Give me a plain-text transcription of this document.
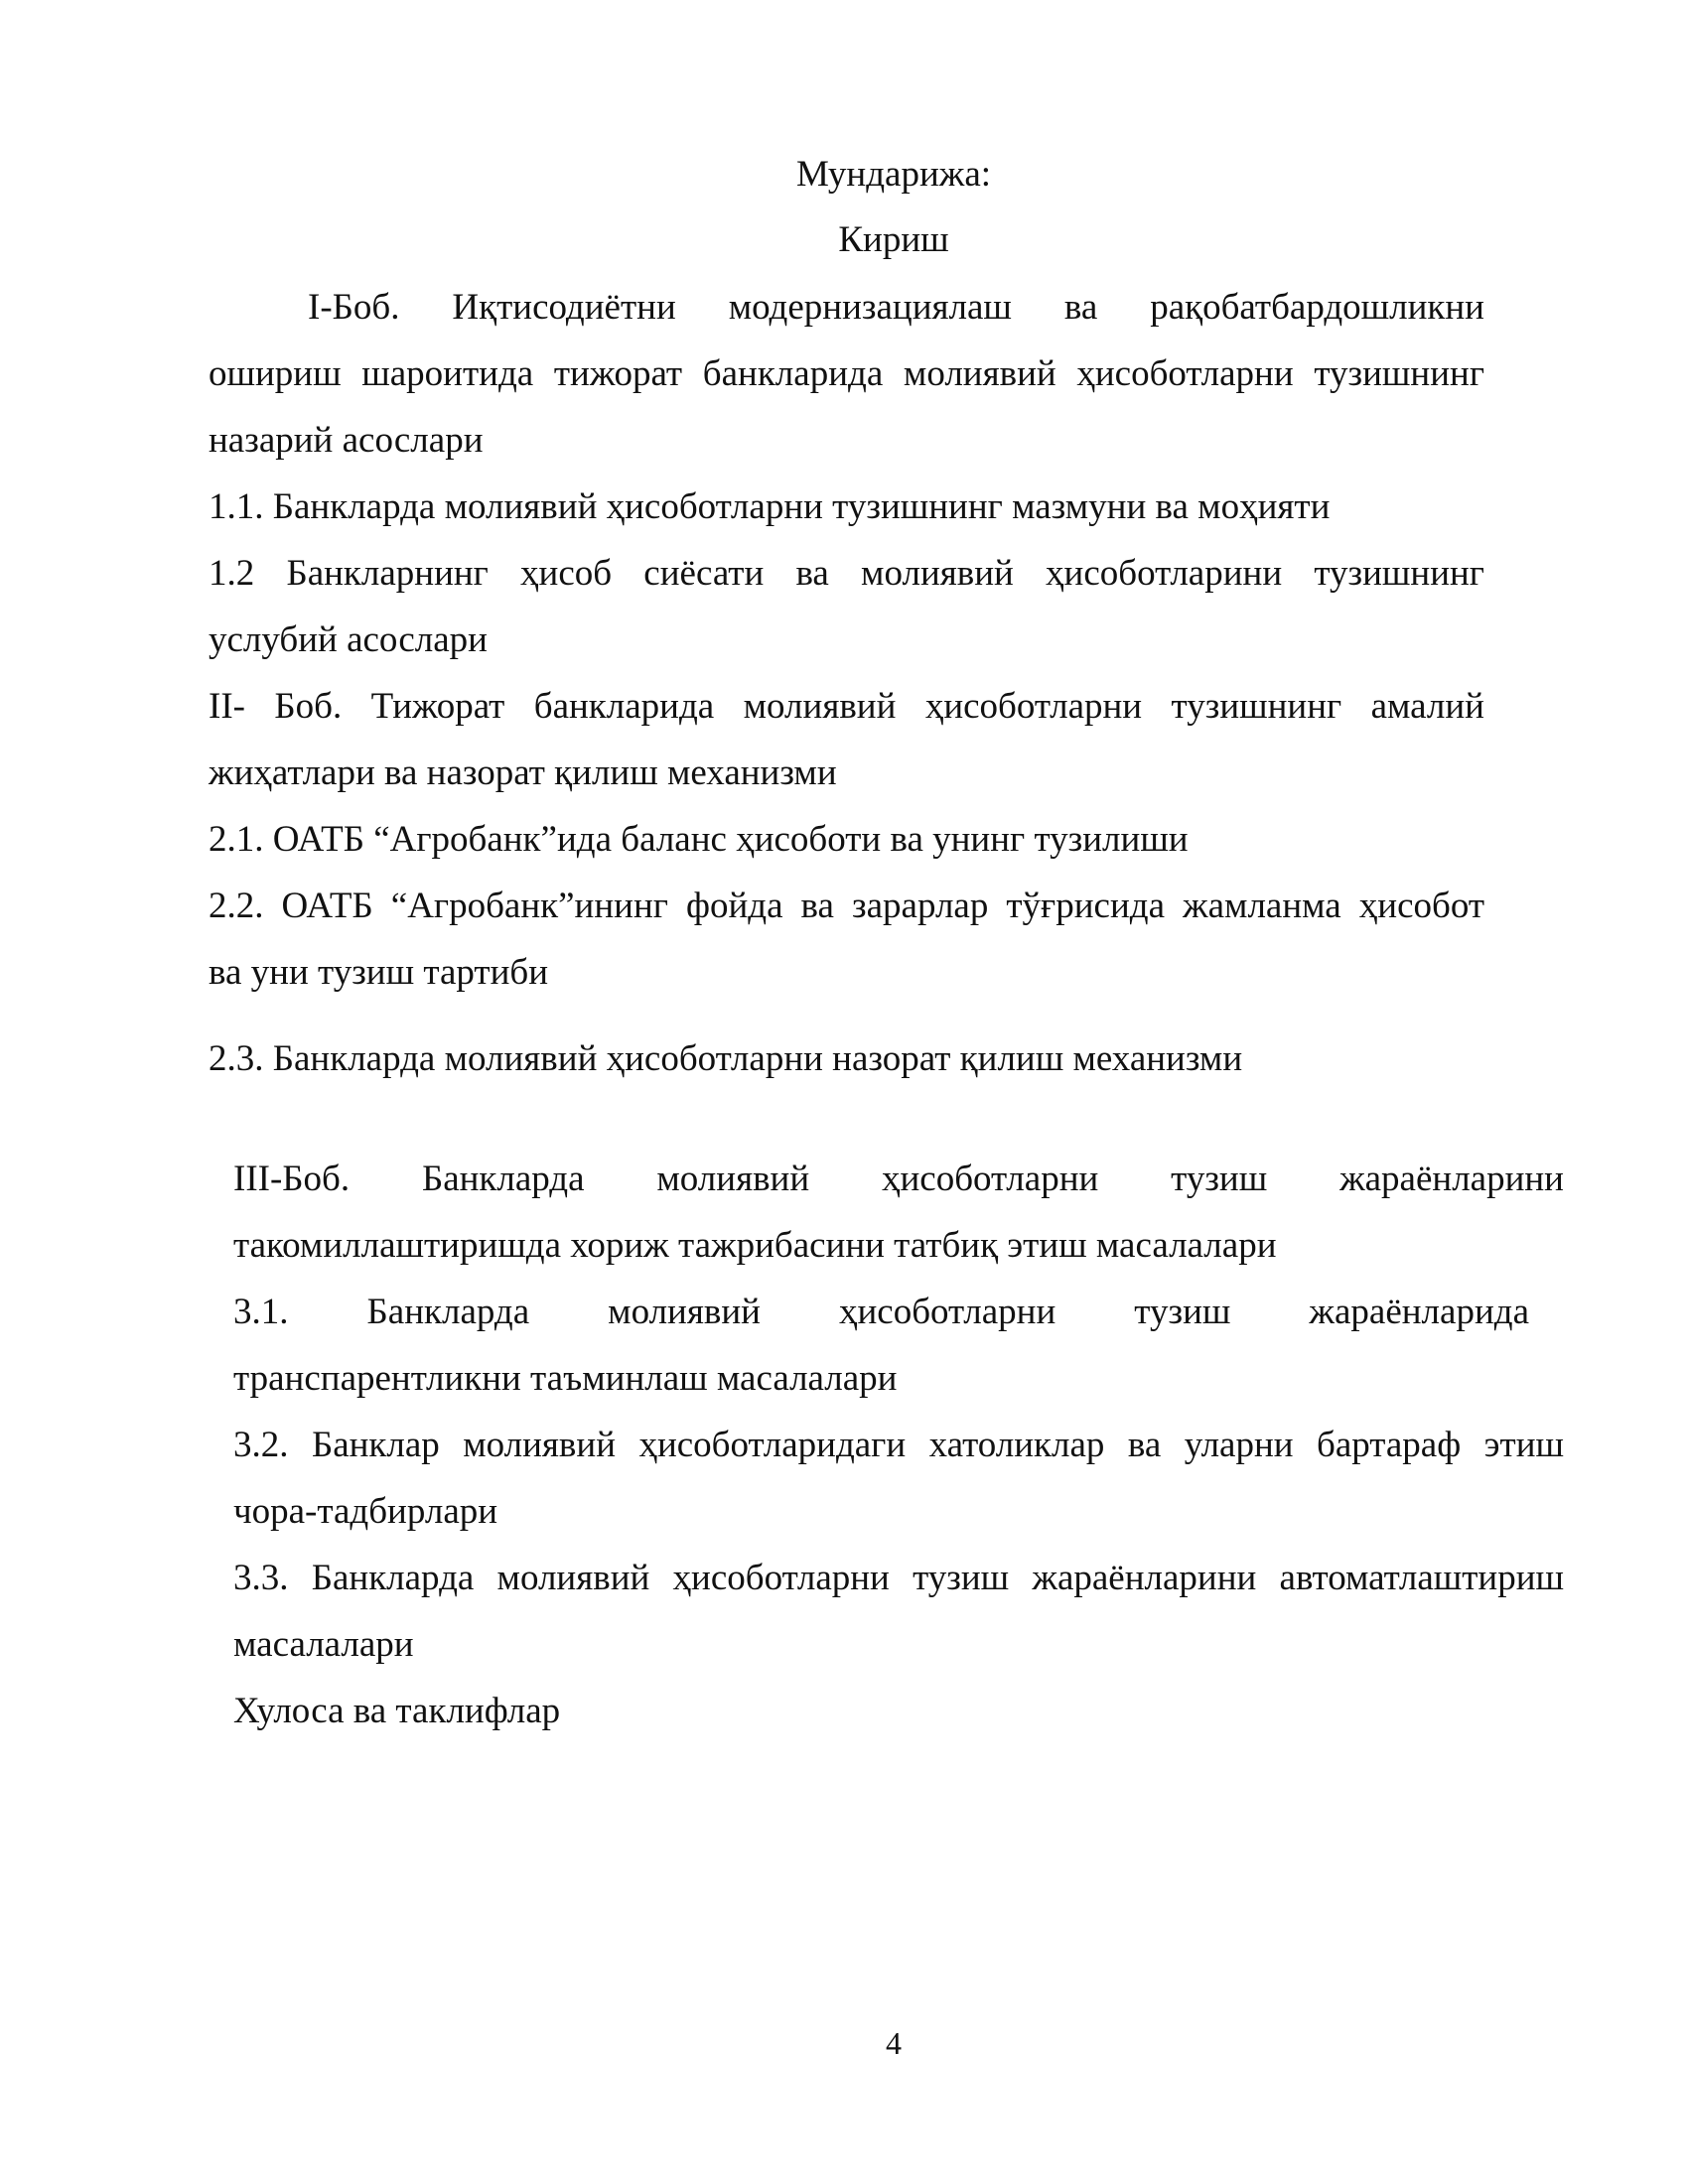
Мундарижа:
Кириш
I-Боб. Иқтисодиётни модернизациялаш ва рақобатбардошликни
ошириш шароитида тижорат банкларида молиявий ҳисоботларни тузишнинг
назарий асослари
1.1. Банкларда молиявий ҳисоботларни тузишнинг мазмуни ва моҳияти
1.2 Банкларнинг ҳисоб сиёсати ва молиявий ҳисоботларини тузишнинг
услубий асослари
II- Боб. Тижорат банкларида молиявий ҳисоботларни тузишнинг амалий
жиҳатлари ва назорат қилиш механизми
2.1. ОАТБ “Агробанк”ида баланс ҳисоботи ва унинг тузилиши
2.2. ОАТБ “Агробанк”ининг фойда ва зарарлар тўғрисида жамланма ҳисобот
ва уни тузиш тартиби
2.3. Банкларда молиявий ҳисоботларни назорат қилиш механизми
III-Боб. Банкларда молиявий ҳисоботларни тузиш жараёнларини
такомиллаштиришда хориж тажрибасини татбиқ этиш масалалари
3.1. Банкларда молиявий ҳисоботларни тузиш жараёнларида
транспарентликни таъминлаш масалалари
3.2. Банклар молиявий ҳисоботларидаги хатоликлар ва уларни бартараф этиш
чора-тадбирлари
3.3. Банкларда молиявий ҳисоботларни тузиш жараёнларини автоматлаштириш
масалалари
Хулоса ва таклифлар
4
